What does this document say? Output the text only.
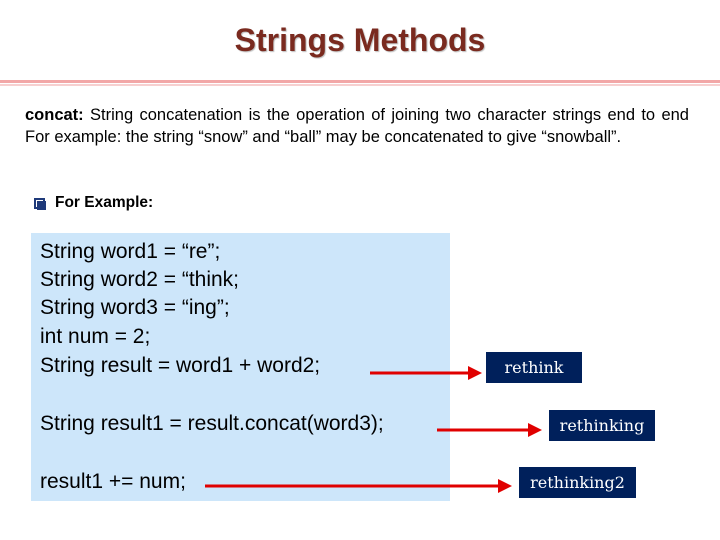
Strings Methods
concat: String concatenation is the operation of joining two character strings end to end For example: the string “snow” and “ball” may be concatenated to give “snowball”.
For Example:
String word1 = “re”;
String word2 = “think;
String word3 = “ing”;
int num = 2;
String result = word1 + word2;
String result1 = result.concat(word3);
result1 += num;
rethink
rethinking
rethinking2
